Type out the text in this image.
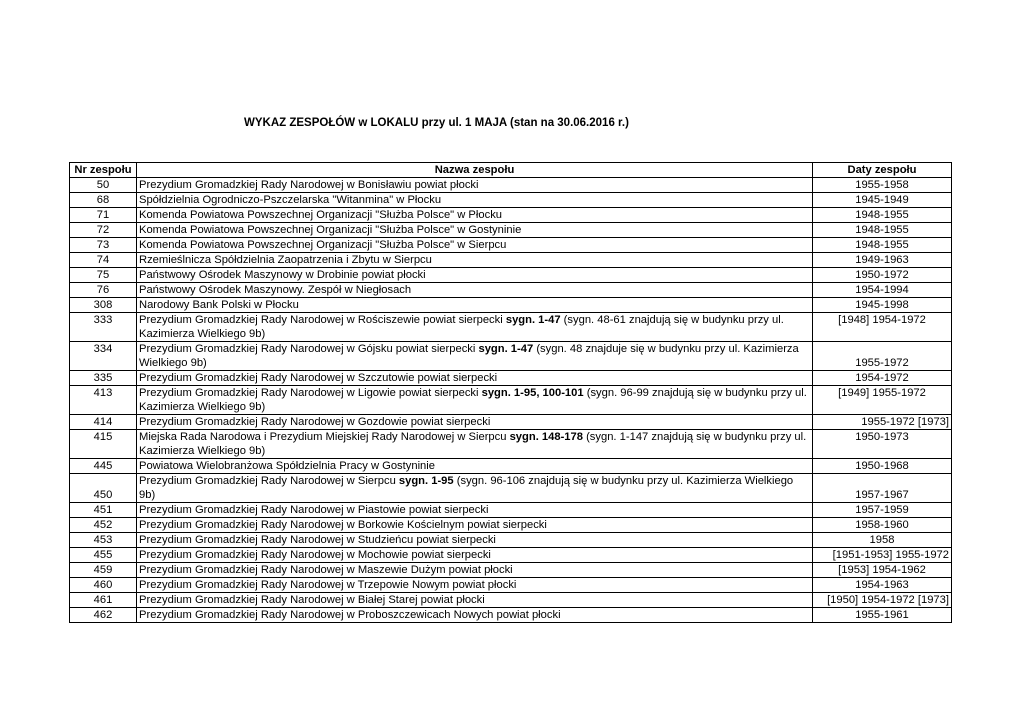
WYKAZ ZESPOŁÓW w LOKALU przy ul. 1 MAJA (stan na 30.06.2016 r.)
Nr zespołu	Nazwa zespołu	Daty zespołu
50	Prezydium Gromadzkiej Rady Narodowej w Bonisławiu powiat płocki	1955-1958
68	Spółdzielnia Ogrodniczo-Pszczelarska "Witanmina" w Płocku	1945-1949
71	Komenda Powiatowa Powszechnej Organizacji "Służba Polsce" w Płocku	1948-1955
72	Komenda Powiatowa Powszechnej Organizacji "Służba Polsce" w Gostyninie	1948-1955
73	Komenda Powiatowa Powszechnej Organizacji "Służba Polsce" w Sierpcu	1948-1955
74	Rzemieślnicza Spółdzielnia Zaopatrzenia i Zbytu w Sierpcu	1949-1963
75	Państwowy Ośrodek Maszynowy w Drobinie powiat płocki	1950-1972
76	Państwowy Ośrodek Maszynowy. Zespół w Niegłosach	1954-1994
308	Narodowy Bank Polski w Płocku	1945-1998
333	Prezydium Gromadzkiej Rady Narodowej w Rościszewie powiat sierpecki sygn. 1-47 (sygn. 48-61 znajdują się w budynku przy ul. Kazimierza Wielkiego 9b)	[1948] 1954-1972
334	Prezydium Gromadzkiej Rady Narodowej w Gójsku powiat sierpecki sygn. 1-47 (sygn. 48 znajduje się w budynku przy ul. Kazimierza Wielkiego 9b)	1955-1972
335	Prezydium Gromadzkiej Rady Narodowej w Szczutowie powiat sierpecki	1954-1972
413	Prezydium Gromadzkiej Rady Narodowej w Ligowie powiat sierpecki sygn. 1-95, 100-101 (sygn. 96-99 znajdują się w budynku przy ul. Kazimierza Wielkiego 9b)	[1949] 1955-1972
414	Prezydium Gromadzkiej Rady Narodowej w Gozdowie powiat sierpecki	1955-1972 [1973]
415	Miejska Rada Narodowa i Prezydium Miejskiej Rady Narodowej w Sierpcu sygn. 148-178 (sygn. 1-147 znajdują się w budynku przy ul. Kazimierza Wielkiego 9b)	1950-1973
445	Powiatowa Wielobranżowa Spółdzielnia Pracy w Gostyninie	1950-1968
450	Prezydium Gromadzkiej Rady Narodowej w Sierpcu sygn. 1-95 (sygn. 96-106 znajdują się w budynku przy ul. Kazimierza Wielkiego 9b)	1957-1967
451	Prezydium Gromadzkiej Rady Narodowej w Piastowie powiat sierpecki	1957-1959
452	Prezydium Gromadzkiej Rady Narodowej w Borkowie Kościelnym powiat sierpecki	1958-1960
453	Prezydium Gromadzkiej Rady Narodowej w Studzieńcu powiat sierpecki	1958
455	Prezydium Gromadzkiej Rady Narodowej w Mochowie powiat sierpecki	[1951-1953] 1955-1972
459	Prezydium Gromadzkiej Rady Narodowej w Maszewie Dużym powiat płocki	[1953] 1954-1962
460	Prezydium Gromadzkiej Rady Narodowej w Trzepowie Nowym powiat płocki	1954-1963
461	Prezydium Gromadzkiej Rady Narodowej w Białej Starej powiat płocki	[1950] 1954-1972 [1973]
462	Prezydium Gromadzkiej Rady Narodowej w Proboszczewicach Nowych powiat płocki	1955-1961
